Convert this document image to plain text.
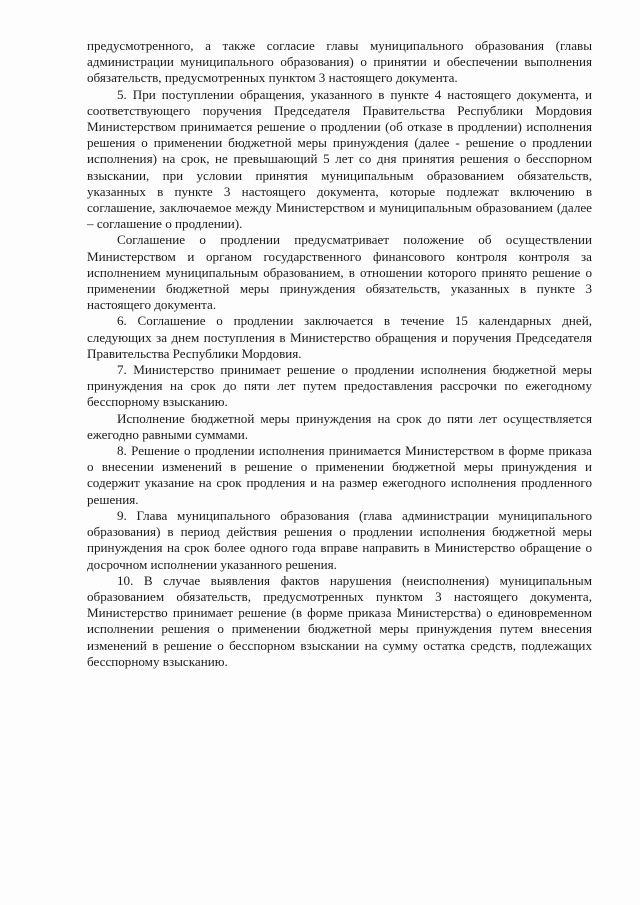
предусмотренного, а также согласие главы муниципального образования (главы администрации муниципального образования) о принятии и обеспечении выполнения обязательств, предусмотренных пунктом 3 настоящего документа.

5. При поступлении обращения, указанного в пункте 4 настоящего документа, и соответствующего поручения Председателя Правительства Республики Мордовия Министерством принимается решение о продлении (об отказе в продлении) исполнения решения о применении бюджетной меры принуждения (далее - решение о продлении исполнения) на срок, не превышающий 5 лет со дня принятия решения о бесспорном взыскании, при условии принятия муниципальным образованием обязательств, указанных в пункте 3 настоящего документа, которые подлежат включению в соглашение, заключаемое между Министерством и муниципальным образованием (далее – соглашение о продлении).

Соглашение о продлении предусматривает положение об осуществлении Министерством и органом государственного финансового контроля контроля за исполнением муниципальным образованием, в отношении которого принято решение о применении бюджетной меры принуждения обязательств, указанных в пункте 3 настоящего документа.

6. Соглашение о продлении заключается в течение 15 календарных дней, следующих за днем поступления в Министерство обращения и поручения Председателя Правительства Республики Мордовия.

7. Министерство принимает решение о продлении исполнения бюджетной меры принуждения на срок до пяти лет путем предоставления рассрочки по ежегодному бесспорному взысканию.

Исполнение бюджетной меры принуждения на срок до пяти лет осуществляется ежегодно равными суммами.

8. Решение о продлении исполнения принимается Министерством в форме приказа о внесении изменений в решение о применении бюджетной меры принуждения и содержит указание на срок продления и на размер ежегодного исполнения продленного решения.

9. Глава муниципального образования (глава администрации муниципального образования) в период действия решения о продлении исполнения бюджетной меры принуждения на срок более одного года вправе направить в Министерство обращение о досрочном исполнении указанного решения.

10. В случае выявления фактов нарушения (неисполнения) муниципальным образованием обязательств, предусмотренных пунктом 3 настоящего документа, Министерство принимает решение (в форме приказа Министерства) о единовременном исполнении решения о применении бюджетной меры принуждения путем внесения изменений в решение о бесспорном взыскании на сумму остатка средств, подлежащих бесспорному взысканию.
